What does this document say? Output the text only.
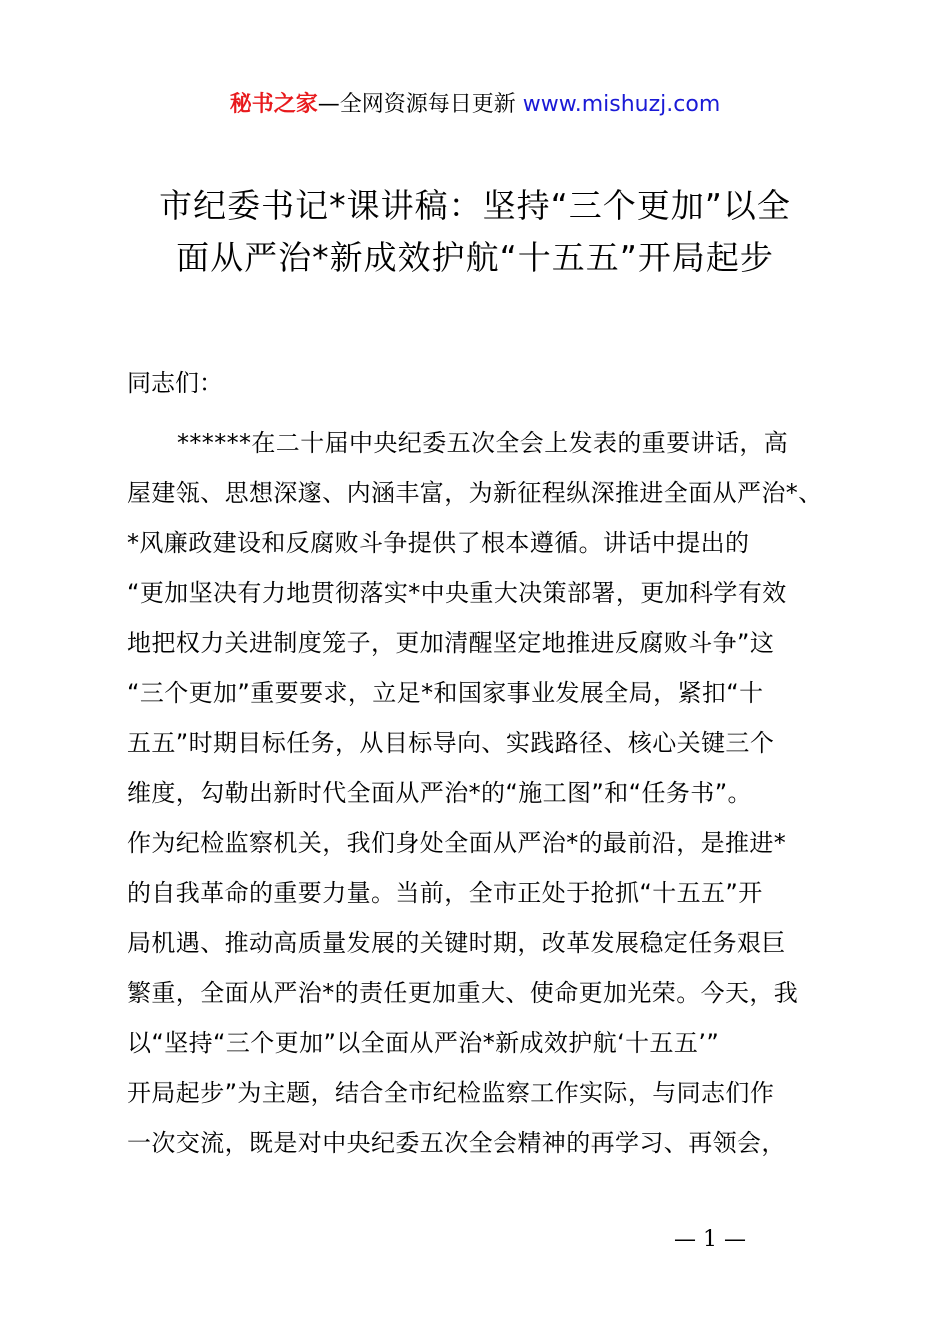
秘书之家—全网资源每日更新 www.mishuzj.com
市纪委书记*课讲稿：坚持“三个更加”以全
面从严治*新成效护航“十五五”开局起步
同志们：
******在二十届中央纪委五次全会上发表的重要讲话，高
屋建瓴、思想深邃、内涵丰富，为新征程纵深推进全面从严治*、
*风廉政建设和反腐败斗争提供了根本遵循。讲话中提出的
“更加坚决有力地贯彻落实*中央重大决策部署，更加科学有效
地把权力关进制度笼子，更加清醒坚定地推进反腐败斗争”这
“三个更加”重要要求，立足*和国家事业发展全局，紧扣“十
五五”时期目标任务，从目标导向、实践路径、核心关键三个
维度，勾勒出新时代全面从严治*的“施工图”和“任务书”。
作为纪检监察机关，我们身处全面从严治*的最前沿，是推进*
的自我革命的重要力量。当前，全市正处于抢抓“十五五”开
局机遇、推动高质量发展的关键时期，改革发展稳定任务艰巨
繁重，全面从严治*的责任更加重大、使命更加光荣。今天，我
以“坚持“三个更加”以全面从严治*新成效护航‘十五五’”
开局起步”为主题，结合全市纪检监察工作实际，与同志们作
一次交流，既是对中央纪委五次全会精神的再学习、再领会，
— 1 —
